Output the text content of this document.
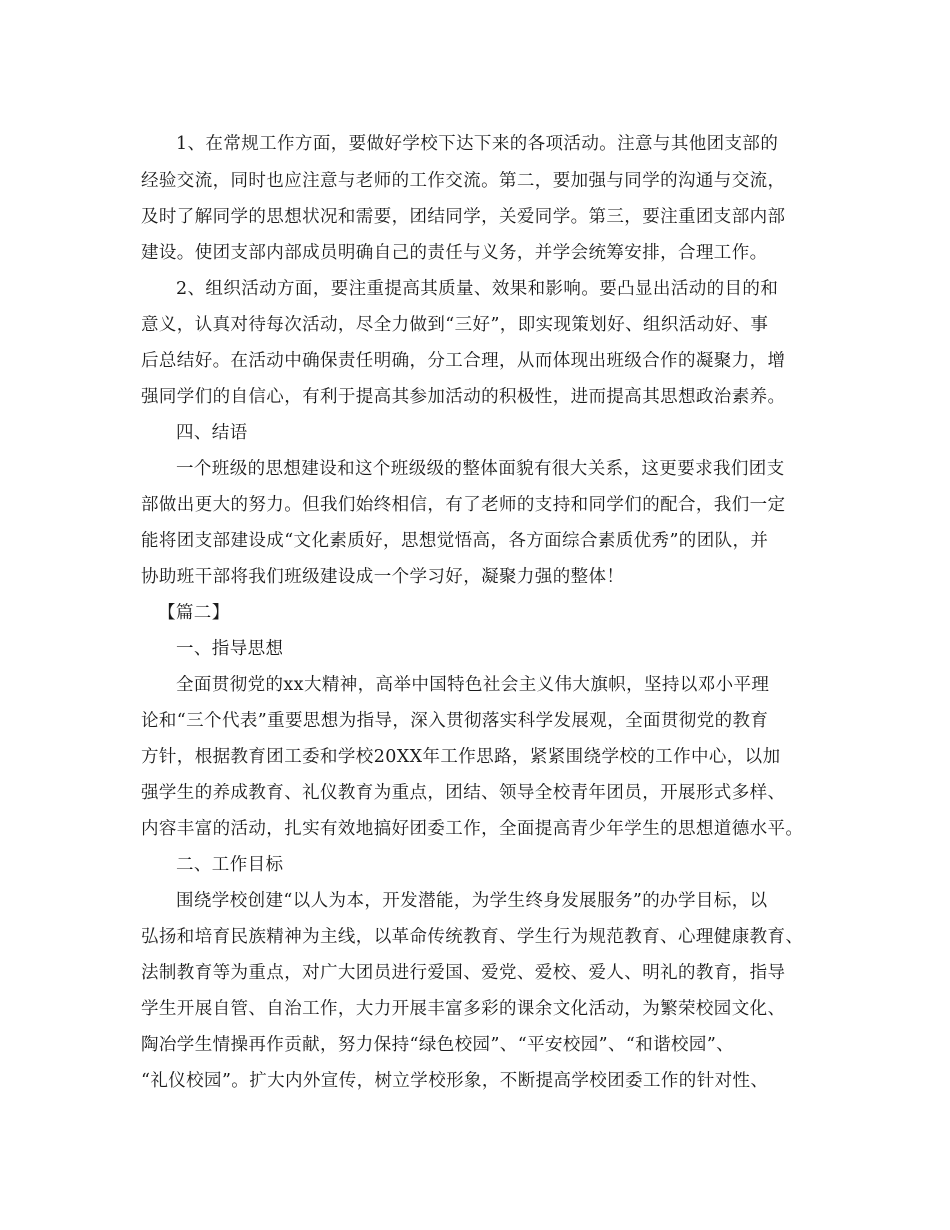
1、在常规工作方面，要做好学校下达下来的各项活动。注意与其他团支部的
经验交流，同时也应注意与老师的工作交流。第二，要加强与同学的沟通与交流，
及时了解同学的思想状况和需要，团结同学，关爱同学。第三，要注重团支部内部
建设。使团支部内部成员明确自己的责任与义务，并学会统筹安排，合理工作。
2、组织活动方面，要注重提高其质量、效果和影响。要凸显出活动的目的和
意义，认真对待每次活动，尽全力做到“三好”，即实现策划好、组织活动好、事
后总结好。在活动中确保责任明确，分工合理，从而体现出班级合作的凝聚力，增
强同学们的自信心，有利于提高其参加活动的积极性，进而提高其思想政治素养。
四、结语
一个班级的思想建设和这个班级级的整体面貌有很大关系，这更要求我们团支
部做出更大的努力。但我们始终相信，有了老师的支持和同学们的配合，我们一定
能将团支部建设成“文化素质好，思想觉悟高，各方面综合素质优秀”的团队，并
协助班干部将我们班级建设成一个学习好，凝聚力强的整体！
【篇二】
一、指导思想
全面贯彻党的xx大精神，高举中国特色社会主义伟大旗帜，坚持以邓小平理
论和“三个代表”重要思想为指导，深入贯彻落实科学发展观，全面贯彻党的教育
方针，根据教育团工委和学校20XX年工作思路，紧紧围绕学校的工作中心，以加
强学生的养成教育、礼仪教育为重点，团结、领导全校青年团员，开展形式多样、
内容丰富的活动，扎实有效地搞好团委工作，全面提高青少年学生的思想道德水平。
二、工作目标
围绕学校创建“以人为本，开发潜能，为学生终身发展服务”的办学目标，以
弘扬和培育民族精神为主线，以革命传统教育、学生行为规范教育、心理健康教育、
法制教育等为重点，对广大团员进行爱国、爱党、爱校、爱人、明礼的教育，指导
学生开展自管、自治工作，大力开展丰富多彩的课余文化活动，为繁荣校园文化、
陶冶学生情操再作贡献，努力保持“绿色校园”、“平安校园”、“和谐校园”、
“礼仪校园”。扩大内外宣传，树立学校形象，不断提高学校团委工作的针对性、
